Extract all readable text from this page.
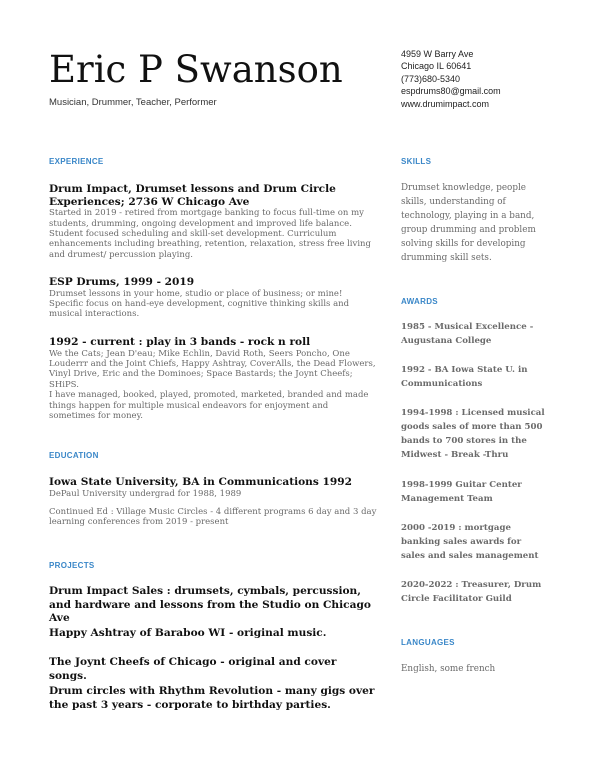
Eric P Swanson
Musician, Drummer, Teacher, Performer
4959 W Barry Ave
Chicago IL 60641
(773)680-5340
espdrums80@gmail.com
www.drumimpact.com
EXPERIENCE
Drum Impact, Drumset lessons and Drum Circle Experiences; 2736 W Chicago Ave
Started in 2019 - retired from mortgage banking to focus full-time on my students, drumming, ongoing development and improved life balance. Student focused scheduling and skill-set development. Curriculum enhancements including breathing, retention, relaxation, stress free living and drumest/ percussion playing.
ESP Drums, 1999 - 2019
Drumset lessons in your home, studio or place of business; or mine! Specific focus on hand-eye development, cognitive thinking skills and musical interactions.
1992 - current : play in 3 bands - rock n roll
We the Cats; Jean D'eau; Mike Echlin, David Roth, Seers Poncho, One Louderrr and the Joint Chiefs, Happy Ashtray, CoverAlls, the Dead Flowers, Vinyl Drive, Eric and the Dominoes; Space Bastards; the Joynt Cheefs; SHiPS.
I have managed, booked, played, promoted, marketed, branded and made things happen for multiple musical endeavors for enjoyment and sometimes for money.
EDUCATION
Iowa State University, BA in Communications 1992
DePaul University undergrad for 1988, 1989
Continued Ed : Village Music Circles - 4 different programs 6 day and 3 day learning conferences from 2019 - present
PROJECTS
Drum Impact Sales : drumsets, cymbals, percussion, and hardware and lessons from the Studio on Chicago Ave
Happy Ashtray of Baraboo WI - original music.
The Joynt Cheefs of Chicago - original and cover songs.
Drum circles with Rhythm Revolution - many gigs over the past 3 years - corporate to birthday parties.
SKILLS
Drumset knowledge, people skills, understanding of technology, playing in a band, group drumming and problem solving skills for developing drumming skill sets.
AWARDS
1985 - Musical Excellence - Augustana College
1992 - BA Iowa State U. in Communications
1994-1998 : Licensed musical goods sales of more than 500 bands to 700 stores in the Midwest - Break -Thru
1998-1999 Guitar Center Management Team
2000 -2019 : mortgage banking sales awards for sales and sales management
2020-2022 : Treasurer, Drum Circle Facilitator Guild
LANGUAGES
English, some french
